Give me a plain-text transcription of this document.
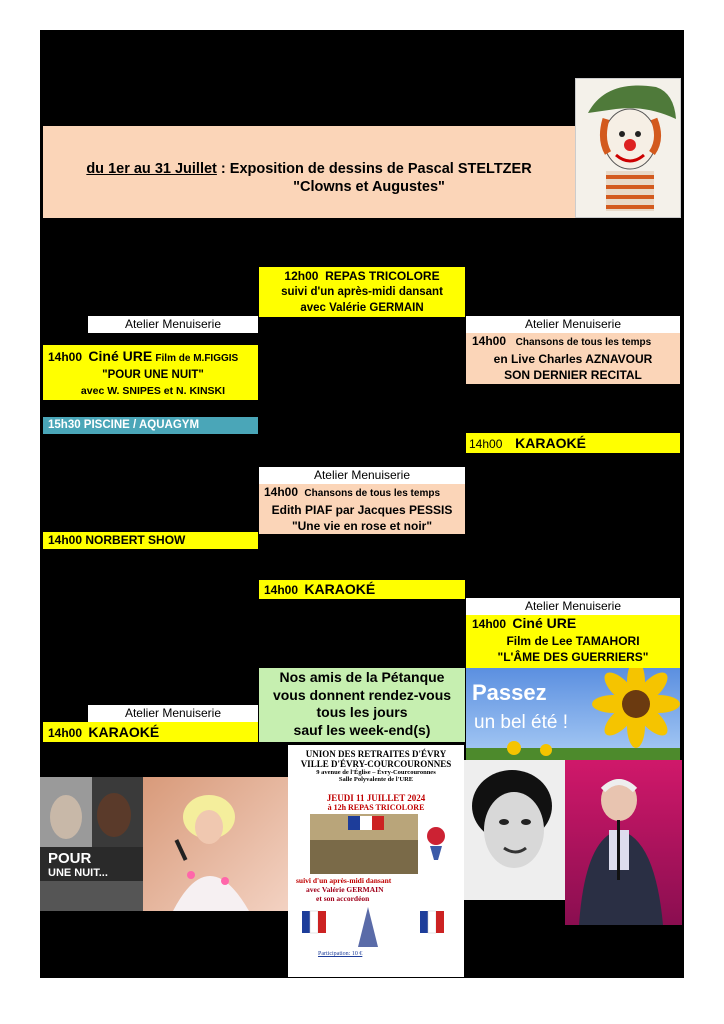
du 1er au 31 Juillet : Exposition de dessins de Pascal STELTZER
"Clowns et Augustes"
12h00 REPAS TRICOLORE
suivi d'un après-midi dansant
avec Valérie GERMAIN
Atelier Menuiserie
14h00 Ciné URE Film de M.FIGGIS
"POUR UNE NUIT"
avec W. SNIPES et N. KINSKI
Atelier Menuiserie
14h00 Chansons de tous les temps
en Live Charles AZNAVOUR
SON DERNIER RECITAL
15h30 PISCINE / AQUAGYM
14h00 KARAOKÉ
Atelier Menuiserie
14h00 Chansons de tous les temps
Edith PIAF par Jacques PESSIS
"Une vie en rose et noir"
14h00 NORBERT SHOW
14h00 KARAOKÉ
Atelier Menuiserie
14h00 Ciné URE
Film de Lee TAMAHORI
"L'ÂME DES GUERRIERS"
Nos amis de la Pétanque
vous donnent rendez-vous
tous les jours
sauf les week-end(s)
Atelier Menuiserie
14h00 KARAOKÉ
Passez
un bel été !
POUR
UNE NUIT...
UNION DES RETRAITES D'ÉVRY
VILLE D'ÉVRY-COURCOURONNES
9 avenue de l'Église – Évry-Courcouronnes
Salle Polyvalente de l'URE
JEUDI 11 JUILLET 2024
à 12h REPAS TRICOLORE
suivi d'un après-midi dansant
avec Valérie GERMAIN
et son accordéon
Participation: 10 €
